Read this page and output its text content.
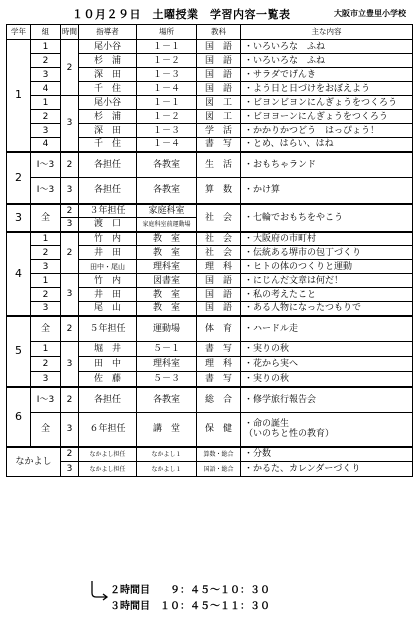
１０月２９日　土曜授業　学習内容一覧表	大阪市立豊里小学校
学年	組	時間	指導者	場所	教科	主な内容
1	1	2	尾小谷	１－１	国　語	・いろいろな　ふね
	2		杉　浦	１－２	国　語	・いろいろな　ふね
	3		深　田	１－３	国　語	・サラダでげんき
	4		千　住	１－４	国　語	・よう日と日づけをおぼえよう
	1	3	尾小谷	１－１	図　工	・ビヨンビヨンにんぎょうをつくろう
	2		杉　浦	１－２	図　工	・ビヨヨーンにんぎょうをつくろう
	3		深　田	１－３	学　活	・かかりかつどう　はっぴょう！
	4		千　住	１－４	書　写	・とめ、はらい、はね
2	Ⅰ～3	2	各担任	各教室	生　活	・おもちゃランド
	Ⅰ～3	3	各担任	各教室	算　数	・かけ算
3	全	2	３年担任	家庭科室	社　会	・七輪でおもちをやこう
		3	渡　口	家庭科室前運動場		
4	1	2	竹　内	教　室	社　会	・大阪府の市町村
	2		井　田	教　室	社　会	・伝統ある堺市の包丁づくり
	3		田中・尾山	理科室	理　科	・ヒトの体のつくりと運動
	1	3	竹　内	図書室	国　語	・にじんだ文章は何だ！
	2		井　田	教　室	国　語	・私の考えたこと
	3		尾　山	教　室	国　語	・ある人物になったつもりで
5	全	2	５年担任	運動場	体　育	・ハードル走
	1	3	堀　井	５－１	書　写	・実りの秋
	2		田　中	理科室	理　科	・花から実へ
	3		佐　藤	５－３	書　写	・実りの秋
6	Ⅰ～3	2	各担任	各教室	総　合	・修学旅行報告会
	全	3	６年担任	講　堂	保　健	・命の誕生
（いのちと性の教育）

なかよし		2	なかよし担任	なかよし１	算数・総合	・分数
		3	なかよし担任	なかよし１	国語・総合	・かるた、カレンダーづくり
２時間目　　９：４５～１０：３０
３時間目　１０：４５～１１：３０
